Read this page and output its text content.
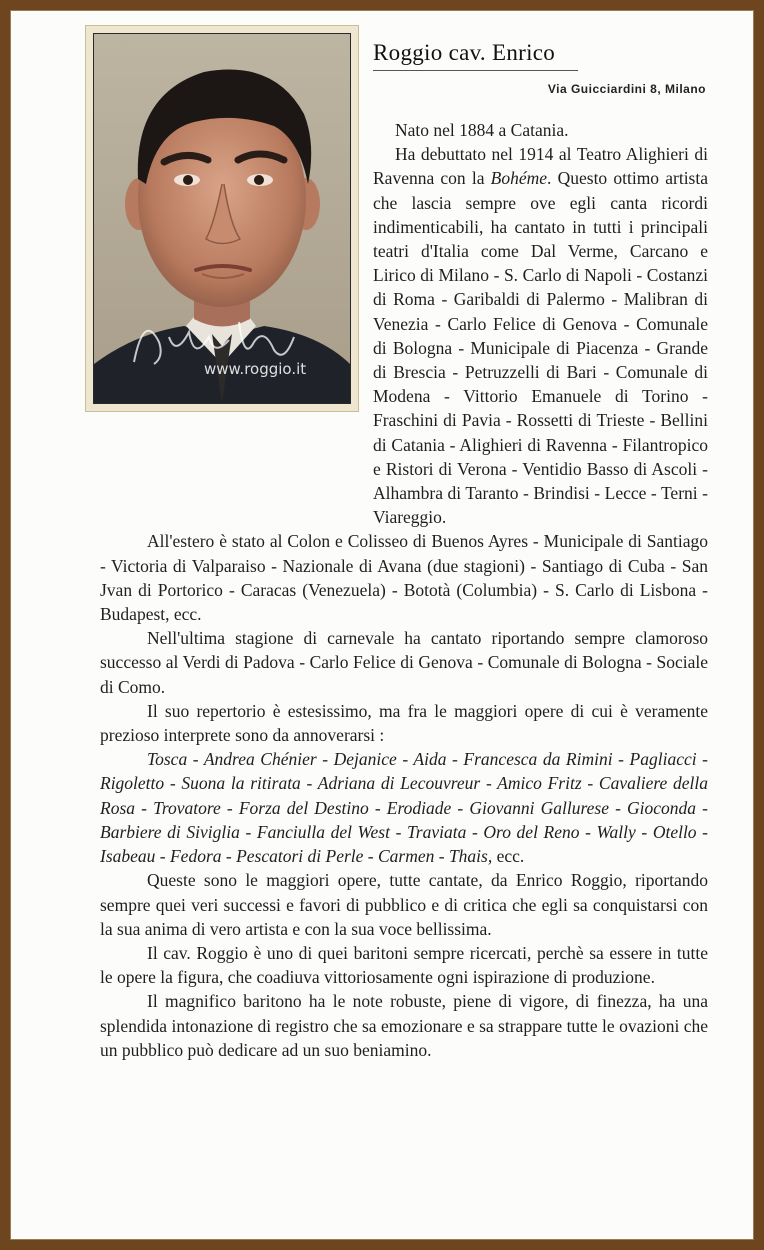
www.roggio.it
Roggio cav. Enrico
Via Guicciardini 8, Milano

Nato nel 1884 a Catania.

Ha debuttato nel 1914 al Teatro Alighieri di Ravenna con la Bohéme. Questo ottimo artista che lascia sempre ove egli canta ricordi indimenticabili, ha cantato in tutti i principali teatri d'Italia come Dal Verme, Carcano e Lirico di Milano - S. Carlo di Napoli - Costanzi di Roma - Garibaldi di Palermo - Malibran di Venezia - Carlo Felice di Genova - Comunale di Bologna - Municipale di Piacenza - Grande di Brescia - Petruzzelli di Bari - Comunale di Modena - Vittorio Emanuele di Torino - Fraschini di Pavia - Rossetti di Trieste - Bellini di Catania - Alighieri di Ravenna - Filantropico e Ristori di Verona - Ventidio Basso di Ascoli - Alhambra di Taranto - Brindisi - Lecce - Terni - Viareggio.

All'estero è stato al Colon e Colisseo di Buenos Ayres - Municipale di Santiago - Victoria di Valparaiso - Nazionale di Avana (due stagioni) - Santiago di Cuba - San Jvan di Portorico - Caracas (Venezuela) - Bototà (Columbia) - S. Carlo di Lisbona - Budapest, ecc.

Nell'ultima stagione di carnevale ha cantato riportando sempre clamoroso successo al Verdi di Padova - Carlo Felice di Genova - Comunale di Bologna - Sociale di Como.

Il suo repertorio è estesissimo, ma fra le maggiori opere di cui è veramente prezioso interprete sono da annoverarsi :

Tosca - Andrea Chénier - Dejanice - Aida - Francesca da Rimini - Pagliacci - Rigoletto - Suona la ritirata - Adriana di Lecouvreur - Amico Fritz - Cavaliere della Rosa - Trovatore - Forza del Destino - Erodiade - Giovanni Gallurese - Gioconda - Barbiere di Siviglia - Fanciulla del West - Traviata - Oro del Reno - Wally - Otello - Isabeau - Fedora - Pescatori di Perle - Carmen - Thais, ecc.

Queste sono le maggiori opere, tutte cantate, da Enrico Roggio, riportando sempre quei veri successi e favori di pubblico e di critica che egli sa conquistarsi con la sua anima di vero artista e con la sua voce bellissima.

Il cav. Roggio è uno di quei baritoni sempre ricercati, perchè sa essere in tutte le opere la figura, che coadiuva vittoriosamente ogni ispirazione di produzione.

Il magnifico baritono ha le note robuste, piene di vigore, di finezza, ha una splendida intonazione di registro che sa emozionare e sa strappare tutte le ovazioni che un pubblico può dedicare ad un suo beniamino.
